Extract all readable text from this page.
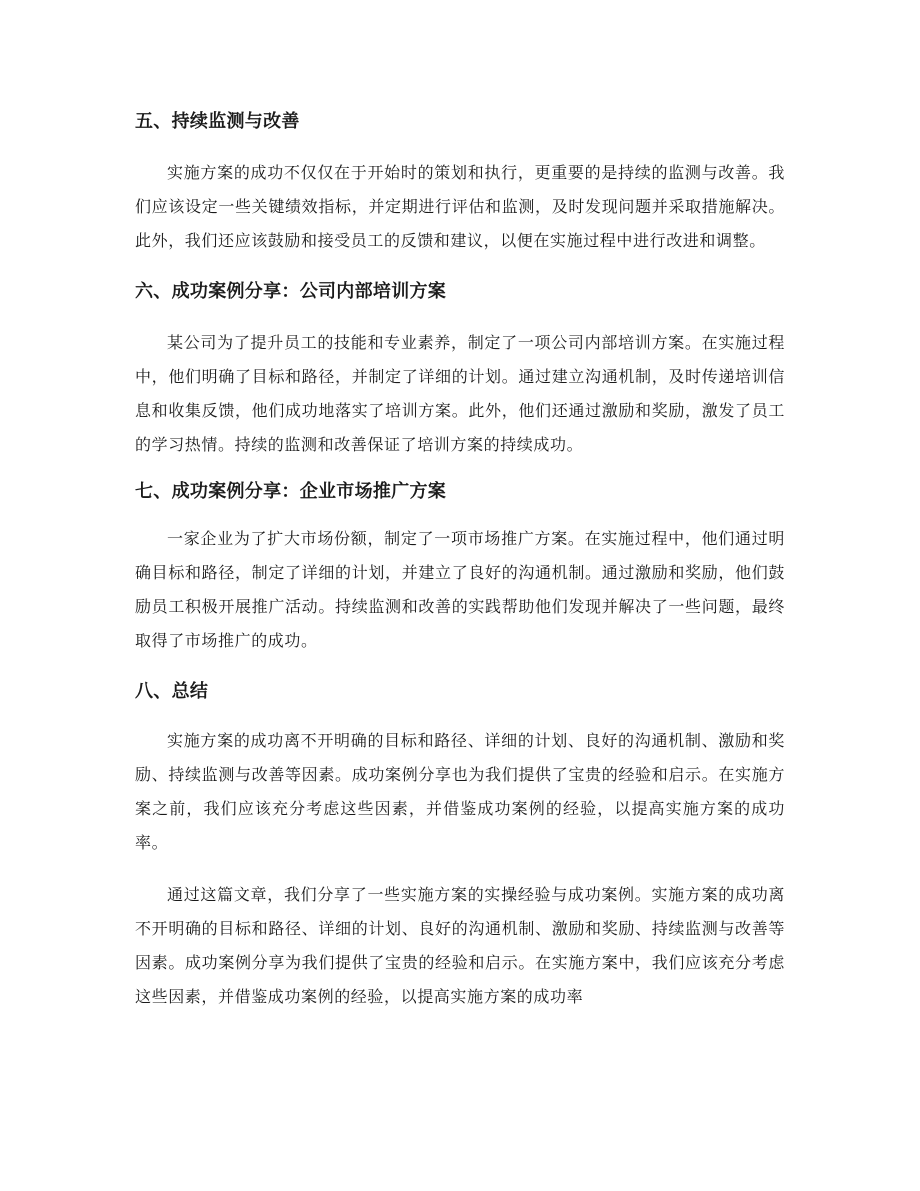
五、持续监测与改善

实施方案的成功不仅仅在于开始时的策划和执行，更重要的是持续的监测与改善。我们应该设定一些关键绩效指标，并定期进行评估和监测，及时发现问题并采取措施解决。此外，我们还应该鼓励和接受员工的反馈和建议，以便在实施过程中进行改进和调整。

六、成功案例分享：公司内部培训方案

某公司为了提升员工的技能和专业素养，制定了一项公司内部培训方案。在实施过程中，他们明确了目标和路径，并制定了详细的计划。通过建立沟通机制，及时传递培训信息和收集反馈，他们成功地落实了培训方案。此外，他们还通过激励和奖励，激发了员工的学习热情。持续的监测和改善保证了培训方案的持续成功。

七、成功案例分享：企业市场推广方案

一家企业为了扩大市场份额，制定了一项市场推广方案。在实施过程中，他们通过明确目标和路径，制定了详细的计划，并建立了良好的沟通机制。通过激励和奖励，他们鼓励员工积极开展推广活动。持续监测和改善的实践帮助他们发现并解决了一些问题，最终取得了市场推广的成功。

八、总结

实施方案的成功离不开明确的目标和路径、详细的计划、良好的沟通机制、激励和奖励、持续监测与改善等因素。成功案例分享也为我们提供了宝贵的经验和启示。在实施方案之前，我们应该充分考虑这些因素，并借鉴成功案例的经验，以提高实施方案的成功率。

通过这篇文章，我们分享了一些实施方案的实操经验与成功案例。实施方案的成功离不开明确的目标和路径、详细的计划、良好的沟通机制、激励和奖励、持续监测与改善等因素。成功案例分享为我们提供了宝贵的经验和启示。在实施方案中，我们应该充分考虑这些因素，并借鉴成功案例的经验，以提高实施方案的成功率
